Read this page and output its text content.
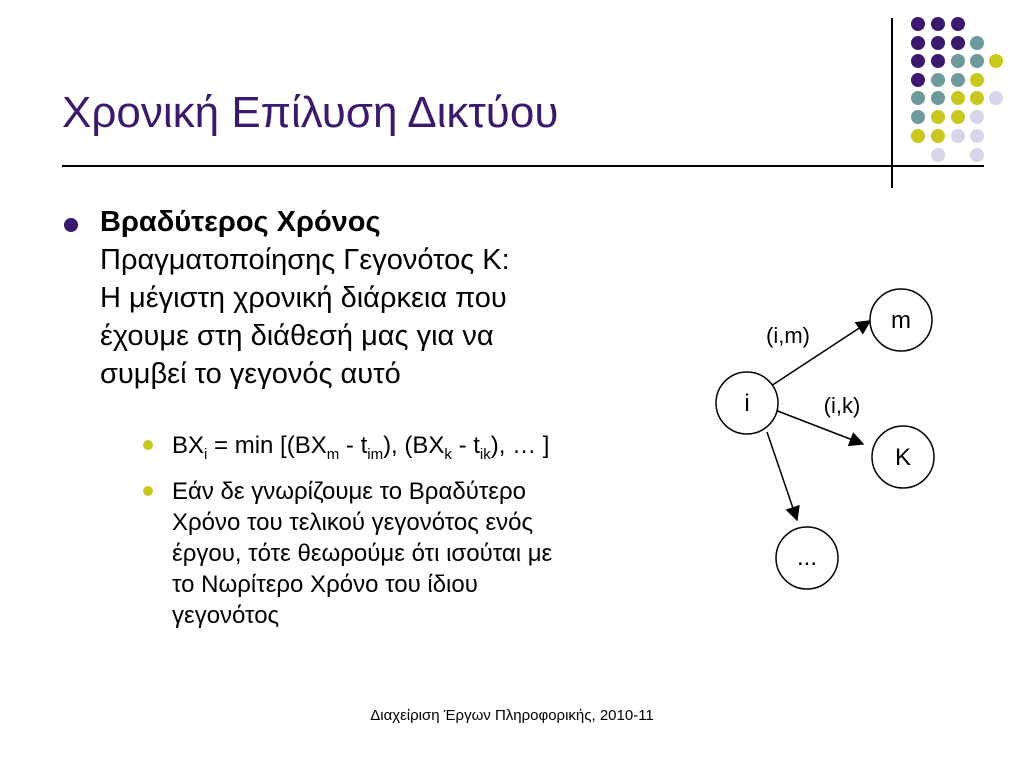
Χρονική Επίλυση Δικτύου
Βραδύτερος Χρόνος
Πραγματοποίησης Γεγονότος Κ:
Η μέγιστη χρονική διάρκεια που
έχουμε στη διάθεσή μας για να
συμβεί το γεγονός αυτό
$BX_i = \min [(BX_m - t_{im})$, $(BX_k - t_{ik})$, … ]
Εάν δε γνωρίζουμε το Βραδύτερο
Χρόνο του τελικού γεγονότος ενός
έργου, τότε θεωρούμε ότι ισούται με
το Νωρίτερο Χρόνο του ίδιου
γεγονότος
i
m
K
...
(i,m)
(i,k)
Διαχείριση Έργων Πληροφορικής, 2010-11
